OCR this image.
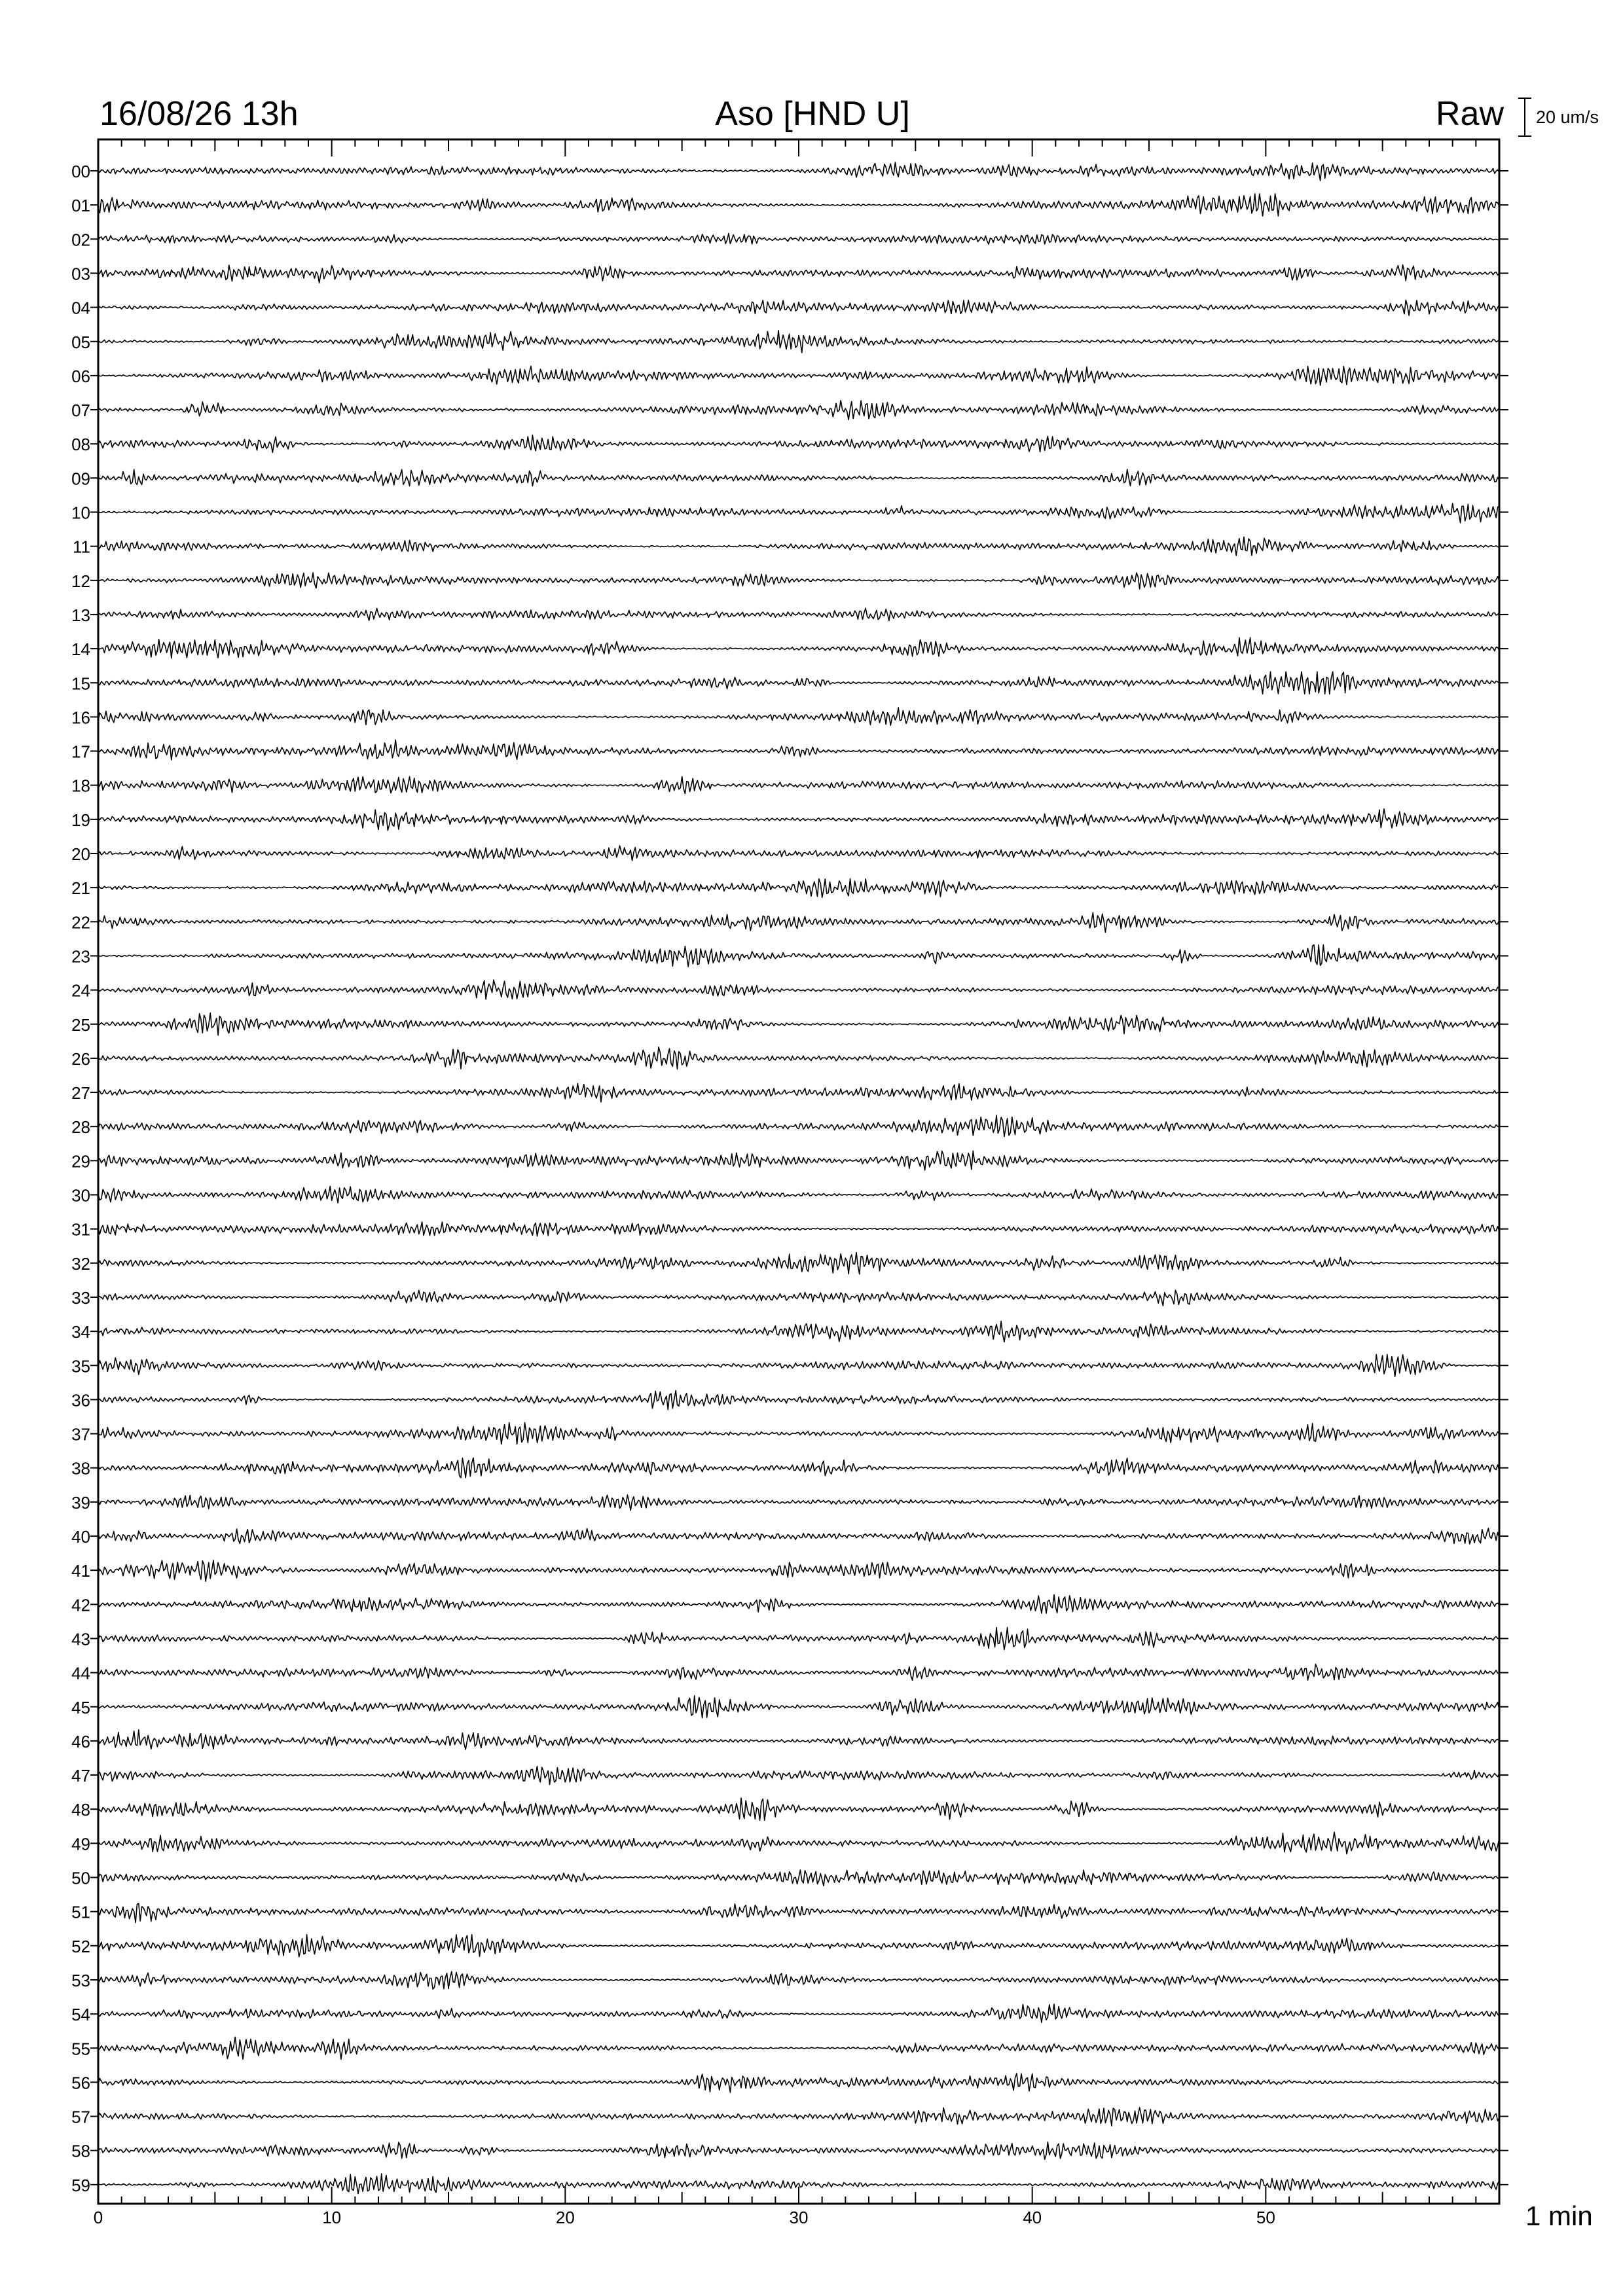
16/08/26 13h	Aso [HND U]	Raw 20 um/s
1 min
0	10	20	30	40	50
00
01
02
03
04
05
06
07
08
09
10
11
12
13
14
15
16
17
18
19
20
21
22
23
24
25
26
27
28
29
30
31
32
33
34
35
36
37
38
39
40
41
42
43
44
45
46
47
48
49
50
51
52
53
54
55
56
57
58
59
